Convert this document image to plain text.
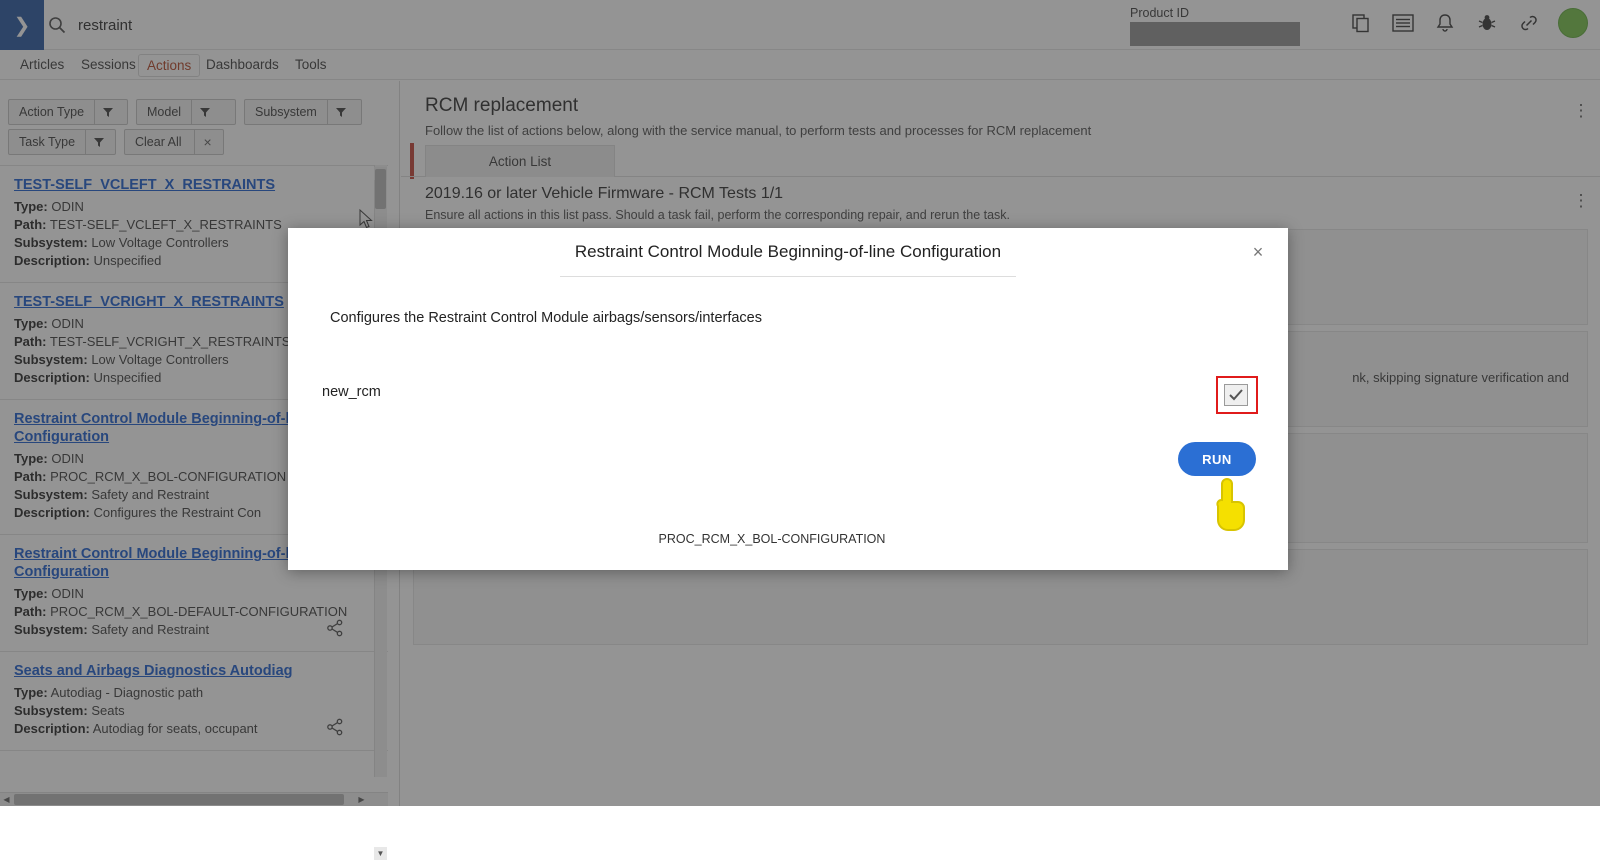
restraint
▼
Restraint Control Module Beginning-of-line Configuration	×
Configures the Restraint Control Module airbags/sensors/interfaces
new_rcm
RUN
PROC_RCM_X_BOL-CONFIGURATION
